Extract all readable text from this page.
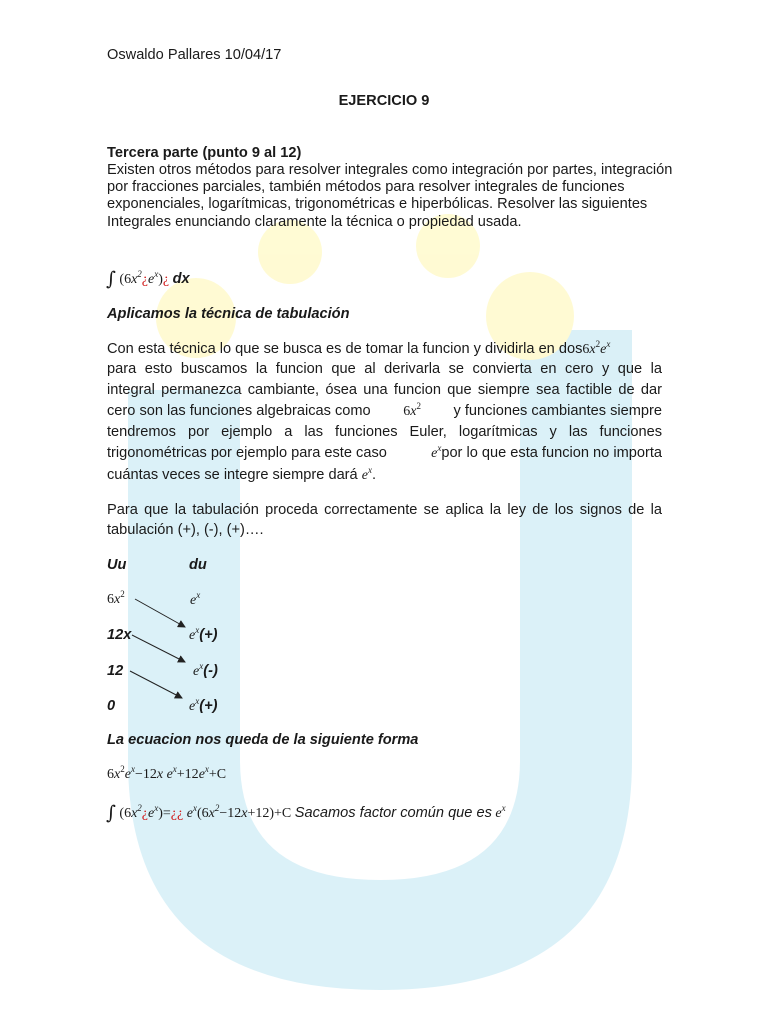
Oswaldo Pallares 10/04/17
EJERCICIO 9
Tercera parte (punto 9 al 12)
Existen otros métodos para resolver integrales como integración por partes, integración
por fracciones parciales, también métodos para resolver integrales de funciones
exponenciales, logarítmicas, trigonométricas e hiperbólicas. Resolver las siguientes
Integrales enunciando claramente la técnica o propiedad usada.
∫ $(6x^2¿e^x)¿$ dx
Aplicamos la técnica de tabulación
Con esta técnica lo que se busca es de tomar la funcion y dividirla en $dos6x^2e^x$
para esto buscamos la funcion que al derivarla se convierta en cero y que la
integral permanezca cambiante, ósea una funcion que siempre sea factible de dar
cero son las funciones algebraicas como $6x^2$ y funciones cambiantes siempre
tendremos por ejemplo a las funciones Euler, logarítmicas y las funciones
trigonométricas por ejemplo para este caso	$e^xpor$ lo que esta funcion no importa
cuántas veces se integre siempre dará $e^x$.
Para que la tabulación proceda correctamente se aplica la ley de los signos de la
tabulación (+), (-), (+)….
Uu	du
$6x^2$	$e^x$
12x	$e^x(+)$
12	$e^x(-)$
0	$e^x(+)$
La ecuacion nos queda de la siguiente forma
$6x^2e^x-12x$ $e^x+12e^x+C$
∫ $(6x^2¿e^x)=¿¿$ $e^x(6x^2-12x+12)+C$ Sacamos factor común que es $e^x$
